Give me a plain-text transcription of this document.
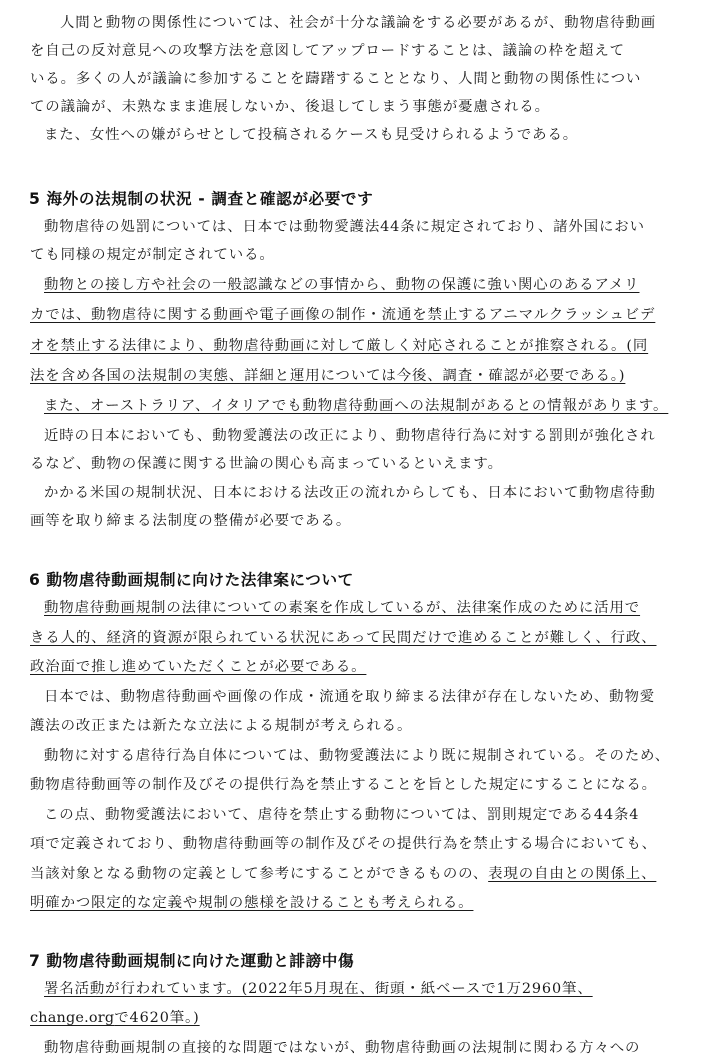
人間と動物の関係性については、社会が十分な議論をする必要があるが、動物虐待動画
を自己の反対意見への攻撃方法を意図してアップロードすることは、議論の枠を超えて
いる。多くの人が議論に参加することを躊躇することとなり、人間と動物の関係性につい
ての議論が、未熟なまま進展しないか、後退してしまう事態が憂慮される。
また、女性への嫌がらせとして投稿されるケースも見受けられるようである。
5 海外の法規制の状況 - 調査と確認が必要です
動物虐待の処罰については、日本では動物愛護法44条に規定されており、諸外国におい
ても同様の規定が制定されている。
動物との接し方や社会の一般認識などの事情から、動物の保護に強い関心のあるアメリ
カでは、動物虐待に関する動画や電子画像の制作・流通を禁止するアニマルクラッシュビデ
オを禁止する法律により、動物虐待動画に対して厳しく対応されることが推察される。(同
法を含め各国の法規制の実態、詳細と運用については今後、調査・確認が必要である。)
また、オーストラリア、イタリアでも動物虐待動画への法規制があるとの情報があります。
近時の日本においても、動物愛護法の改正により、動物虐待行為に対する罰則が強化され
るなど、動物の保護に関する世論の関心も高まっているといえます。
かかる米国の規制状況、日本における法改正の流れからしても、日本において動物虐待動
画等を取り締まる法制度の整備が必要である。
6 動物虐待動画規制に向けた法律案について
動物虐待動画規制の法律についての素案を作成しているが、法律案作成のために活用で
きる人的、経済的資源が限られている状況にあって民間だけで進めることが難しく、行政、
政治面で推し進めていただくことが必要である。
日本では、動物虐待動画や画像の作成・流通を取り締まる法律が存在しないため、動物愛
護法の改正または新たな立法による規制が考えられる。
動物に対する虐待行為自体については、動物愛護法により既に規制されている。そのため、
動物虐待動画等の制作及びその提供行為を禁止することを旨とした規定にすることになる。
この点、動物愛護法において、虐待を禁止する動物については、罰則規定である44条4
項で定義されており、動物虐待動画等の制作及びその提供行為を禁止する場合においても、
当該対象となる動物の定義として参考にすることができるものの、表現の自由との関係上、
明確かつ限定的な定義や規制の態様を設けることも考えられる。
7 動物虐待動画規制に向けた運動と誹謗中傷
署名活動が行われています。(2022年5月現在、街頭・紙ベースで1万2960筆、
change.orgで4620筆。)
動物虐待動画規制の直接的な問題ではないが、動物虐待動画の法規制に関わる方々への
